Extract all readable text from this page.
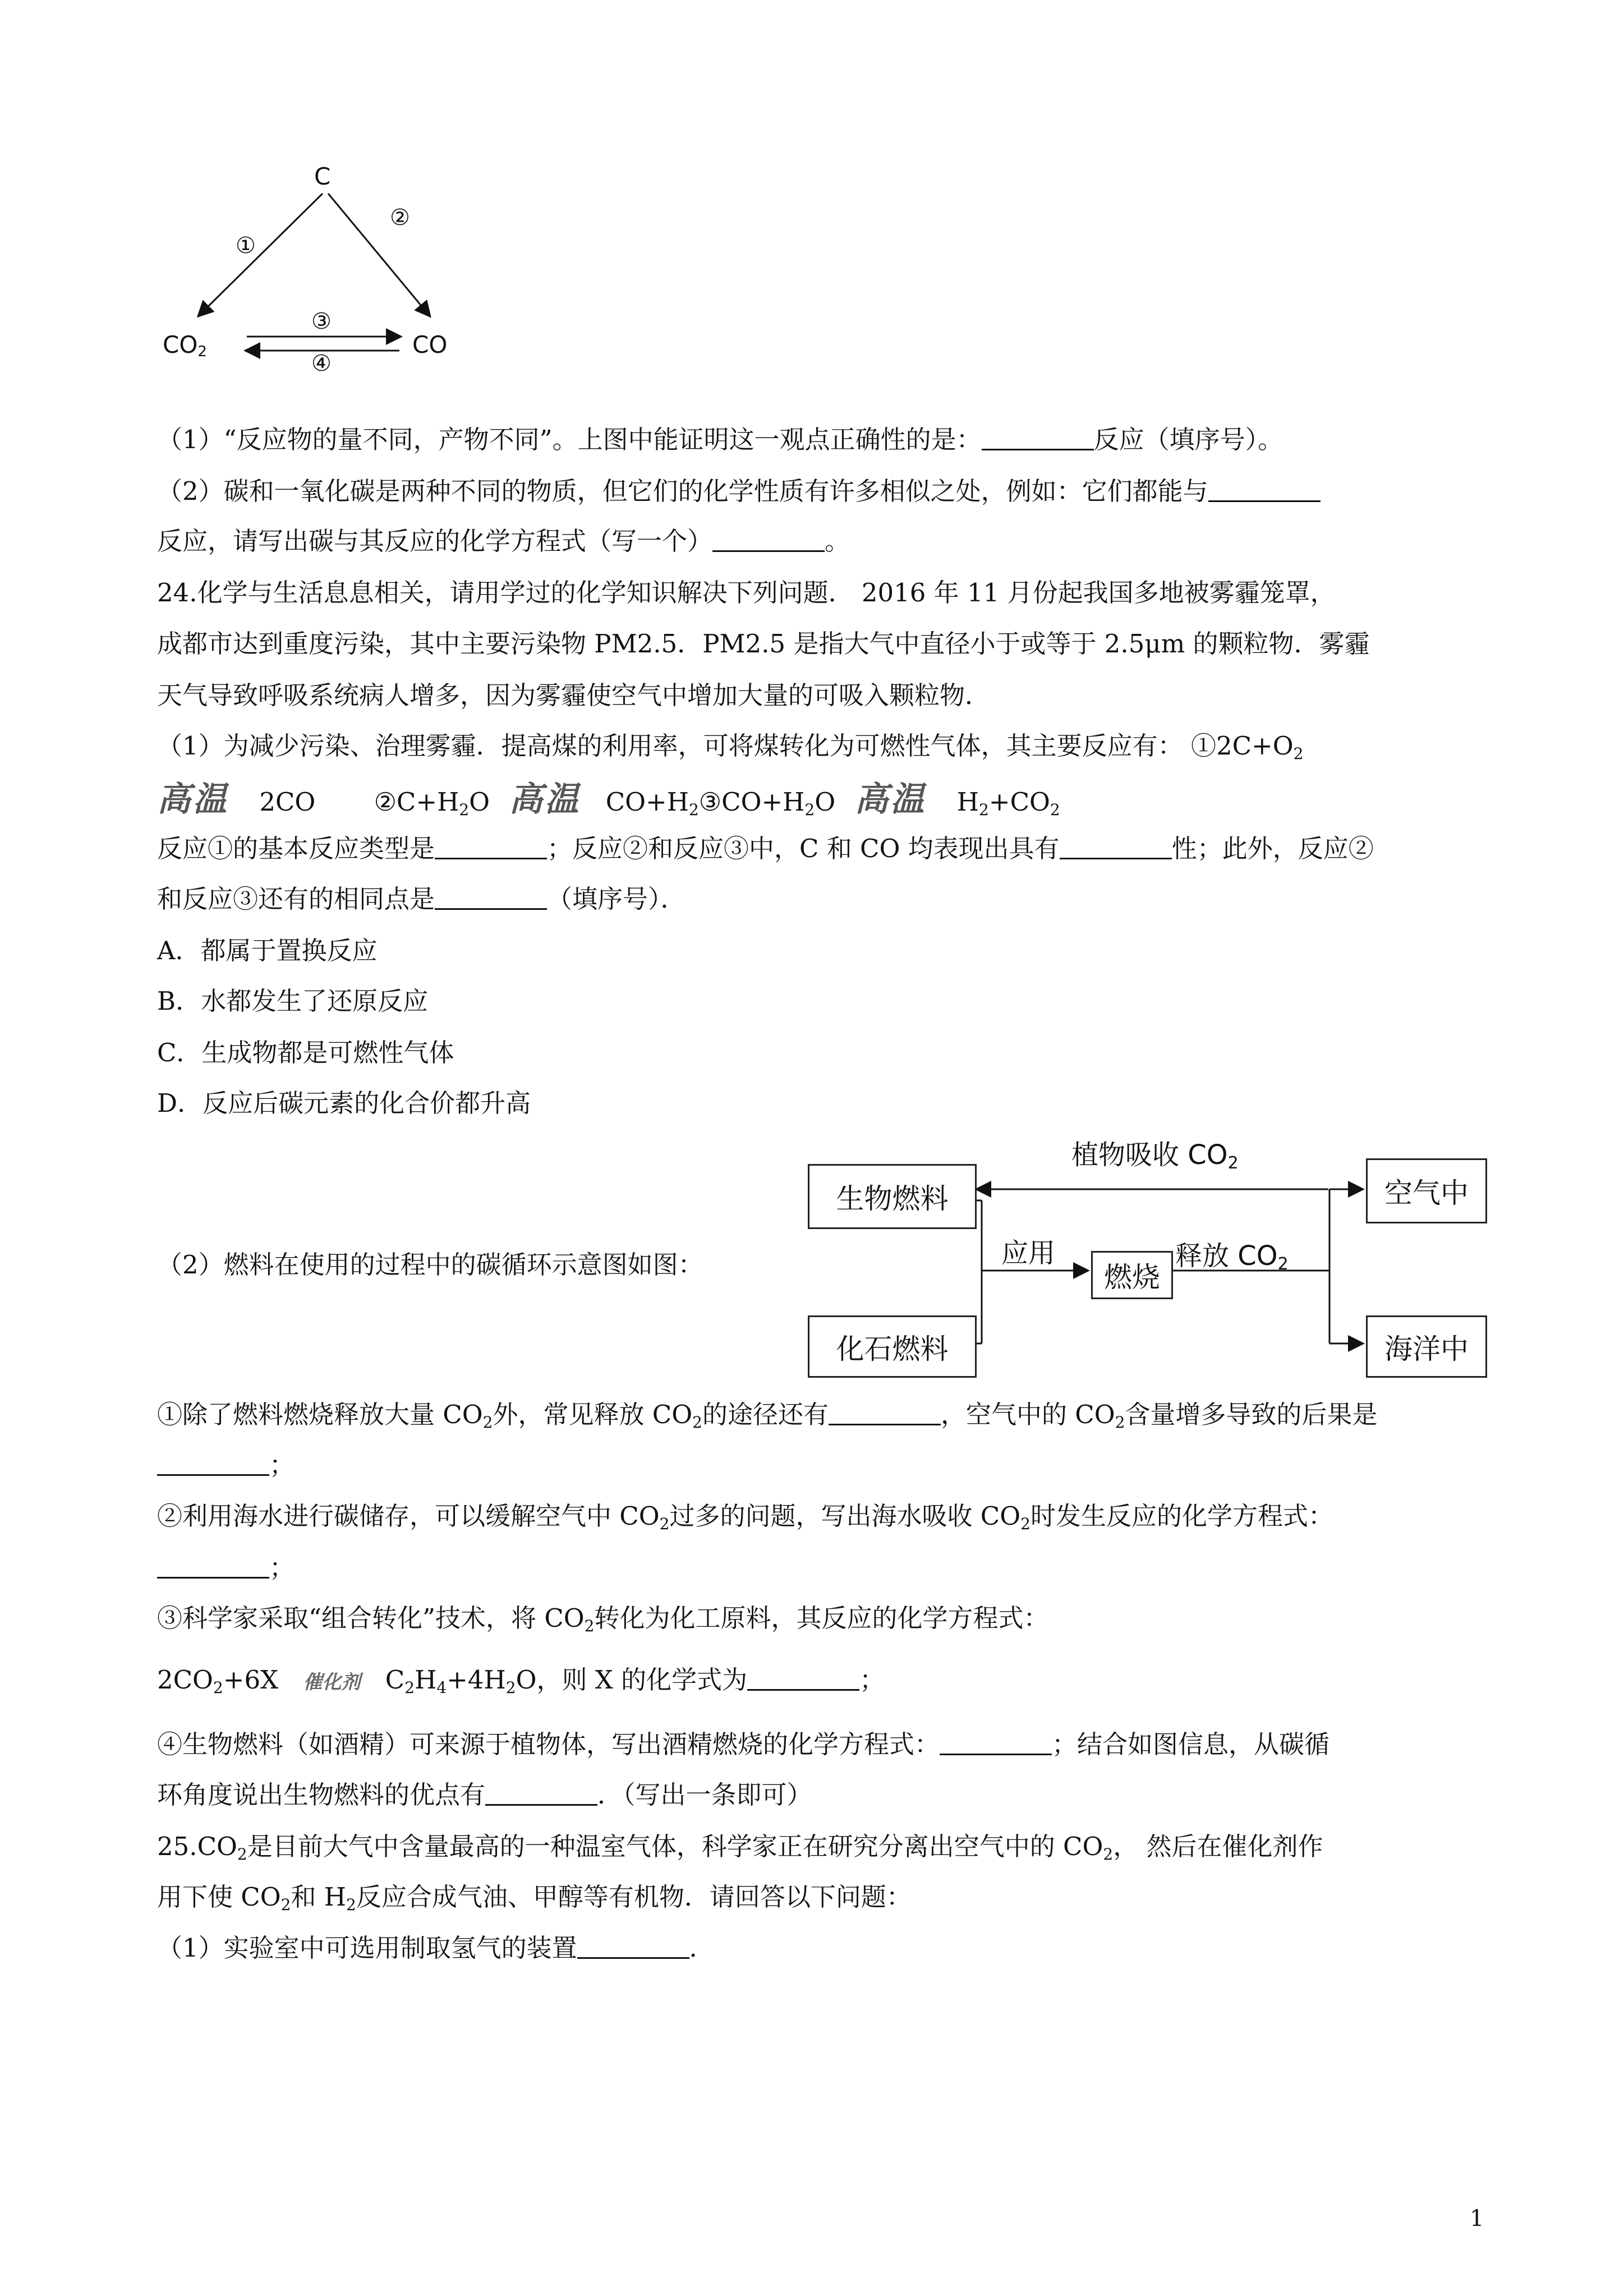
C
$CO_2$	CO
①
②
③
④
（1）“反应物的量不同，产物不同”。上图中能证明这一观点正确性的是：	反应（填序号）。
（2）碳和一氧化碳是两种不同的物质，但它们的化学性质有许多相似之处，例如：它们都能与
反应，请写出碳与其反应的化学方程式（写一个）	。
24.化学与生活息息相关，请用学过的化学知识解决下列问题． 2016 年 11 月份起我国多地被雾霾笼罩，
成都市达到重度污染，其中主要污染物 PM2.5．PM2.5 是指大气中直径小于或等于 2.5μm 的颗粒物．雾霾
天气导致呼吸系统病人增多，因为雾霾使空气中增加大量的可吸入颗粒物．
（1）为减少污染、治理雾霾．提高煤的利用率，可将煤转化为可燃性气体，其主要反应有： $①2C+O_2$
高温 2CO $②C+H_2O$ 高温 $CO+H_2③CO+H_2O$ 高温 $H_2+CO_2$
反应①的基本反应类型是	；反应②和反应③中，C 和 CO 均表现出具有	性；此外，反应②
和反应③还有的相同点是	（填序号）．
A．都属于置换反应
B．水都发生了还原反应
C．生成物都是可燃性气体
D．反应后碳元素的化合价都升高
（2）燃料在使用的过程中的碳循环示意图如图：
生物燃料
化石燃料
燃烧
空气中
海洋中
植物吸收 $CO_2$
应用	释放 $CO_2$
①除了燃料燃烧释放大量 $CO_2$外，常见释放 $CO_2$的途径还有	，空气中的 $CO_2$含量增多导致的后果是
；
②利用海水进行碳储存，可以缓解空气中 $CO_2$过多的问题，写出海水吸收 $CO_2$时发生反应的化学方程式：
；
③科学家采取“组合转化”技术，将 $CO_2$转化为化工原料，其反应的化学方程式：
$2CO_2+6X$ 催化剂 $C_2H_4+4H_2O$，则 X 的化学式为	；
④生物燃料（如酒精）可来源于植物体，写出酒精燃烧的化学方程式：	；结合如图信息，从碳循
环角度说出生物燃料的优点有	．（写出一条即可）
$25.CO_2$是目前大气中含量最高的一种温室气体，科学家正在研究分离出空气中的 $CO_2$， 然后在催化剂作
用下使 $CO_2$和 $H_2$反应合成气油、甲醇等有机物．请回答以下问题：
（1）实验室中可选用制取氢气的装置	．
1
